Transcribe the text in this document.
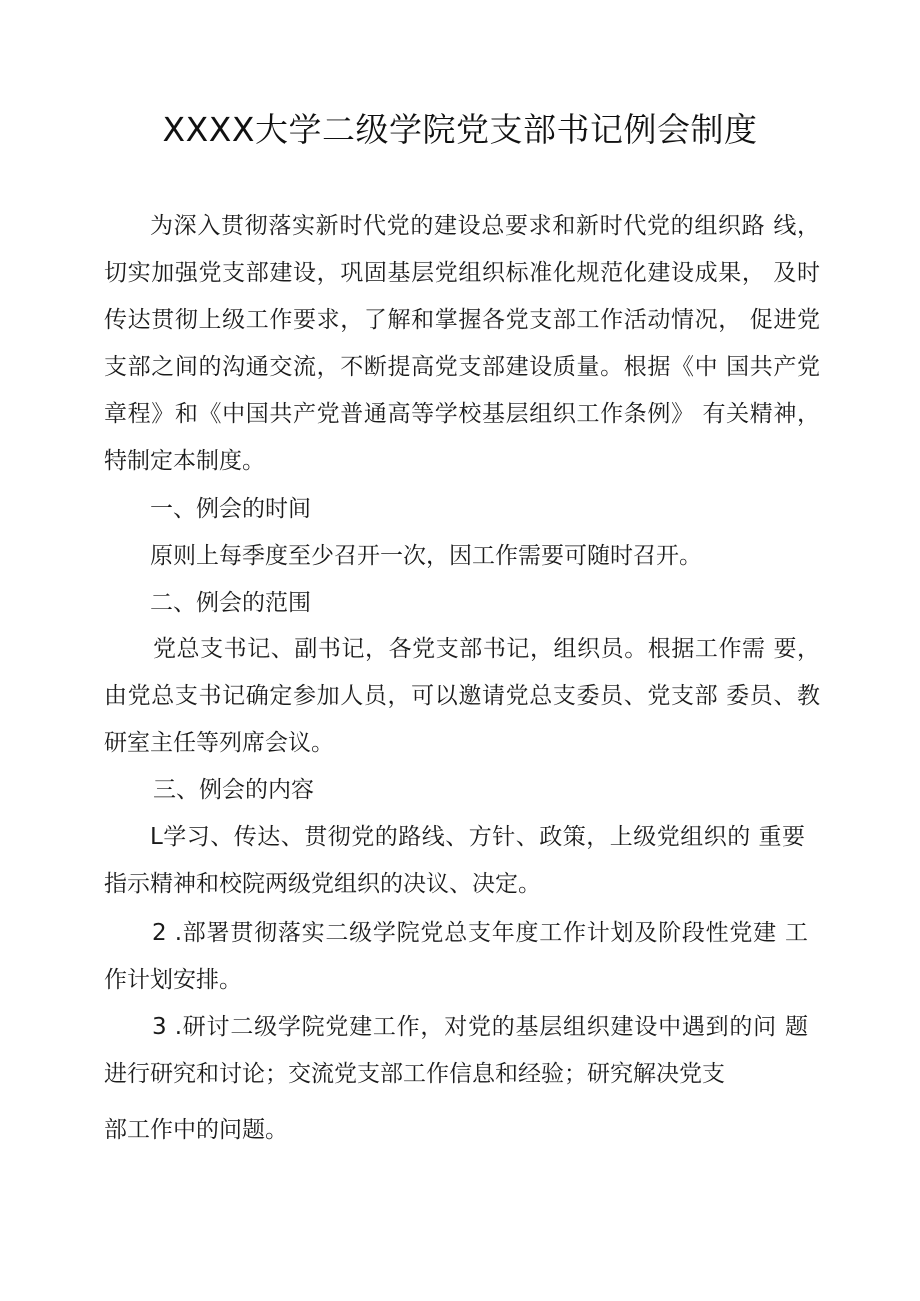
XXXX大学二级学院党支部书记例会制度
为深入贯彻落实新时代党的建设总要求和新时代党的组织路 线，
切实加强党支部建设，巩固基层党组织标准化规范化建设成果， 及时
传达贯彻上级工作要求，了解和掌握各党支部工作活动情况， 促进党
支部之间的沟通交流，不断提高党支部建设质量。根据《中 国共产党
章程》和《中国共产党普通高等学校基层组织工作条例》 有关精神，
特制定本制度。
一、例会的时间
原则上每季度至少召开一次，因工作需要可随时召开。
二、例会的范围
党总支书记、副书记，各党支部书记，组织员。根据工作需 要，
由党总支书记确定参加人员，可以邀请党总支委员、党支部 委员、教
研室主任等列席会议。
三、例会的内容
L学习、传达、贯彻党的路线、方针、政策，上级党组织的 重要
指示精神和校院两级党组织的决议、决定。
2 .部署贯彻落实二级学院党总支年度工作计划及阶段性党建 工
作计划安排。
3 .研讨二级学院党建工作，对党的基层组织建设中遇到的问 题
进行研究和讨论；交流党支部工作信息和经验；研究解决党支
部工作中的问题。
